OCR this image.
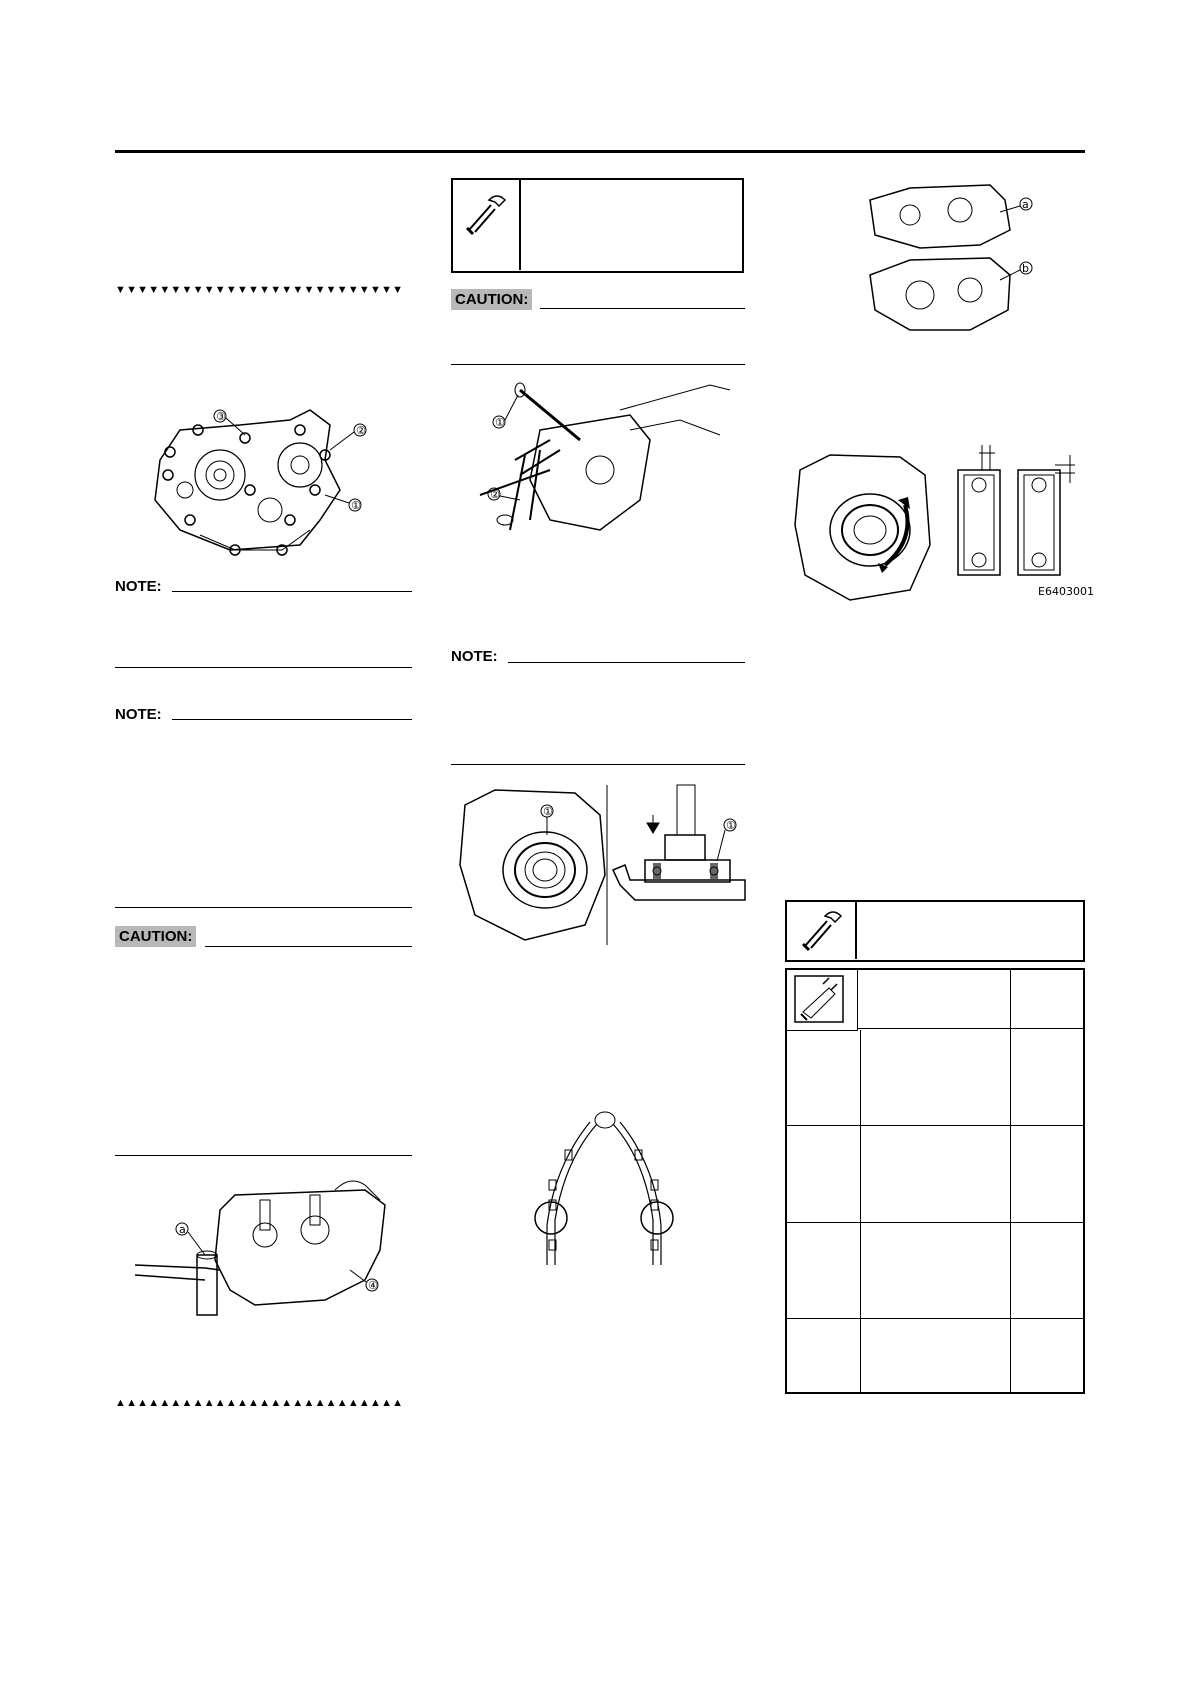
▼▼▼▼▼▼▼▼▼▼▼▼▼▼▼▼▼▼▼▼▼▼▼▼▼▼
③
②
①
NOTE:
NOTE:
CAUTION:
a
④
▲▲▲▲▲▲▲▲▲▲▲▲▲▲▲▲▲▲▲▲▲▲▲▲▲▲
CAUTION:
①
②
NOTE:
①
①
a
b
E6403001
